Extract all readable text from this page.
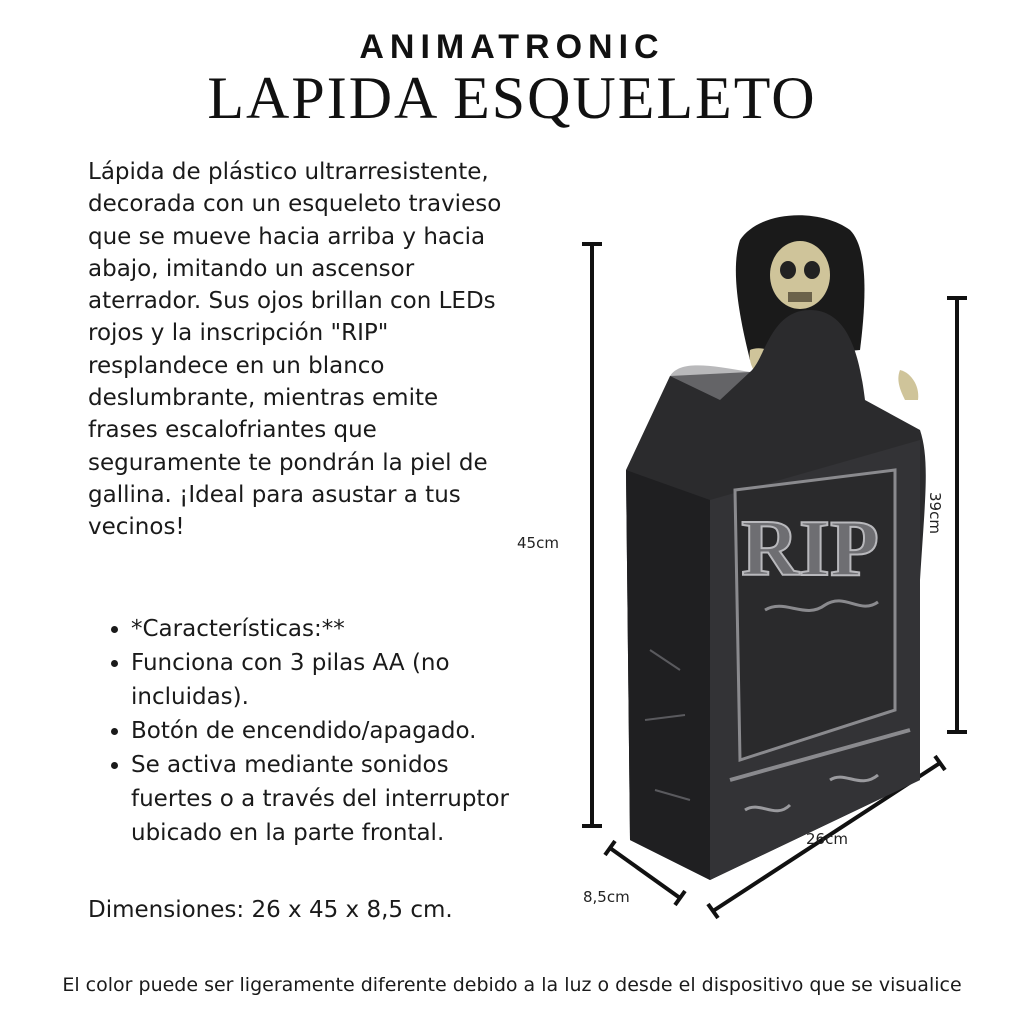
ANIMATRONIC
LAPIDA ESQUELETO

Lápida de plástico ultrarresistente, decorada con un esqueleto travieso que se mueve hacia arriba y hacia abajo, imitando un ascensor aterrador. Sus ojos brillan con LEDs rojos y la inscripción "RIP" resplandece en un blanco deslumbrante, mientras emite frases escalofriantes que seguramente te pondrán la piel de gallina. ¡Ideal para asustar a tus vecinos!

• *Características:**
• Funciona con 3 pilas AA (no incluidas).
• Botón de encendido/apagado.
• Se activa mediante sonidos fuertes o a través del interruptor ubicado en la parte frontal.
Dimensiones: 26 x 45 x 8,5 cm.
RIP
45cm
39cm
26cm
8,5cm
El color puede ser ligeramente diferente debido a la luz o desde el dispositivo que se visualice
